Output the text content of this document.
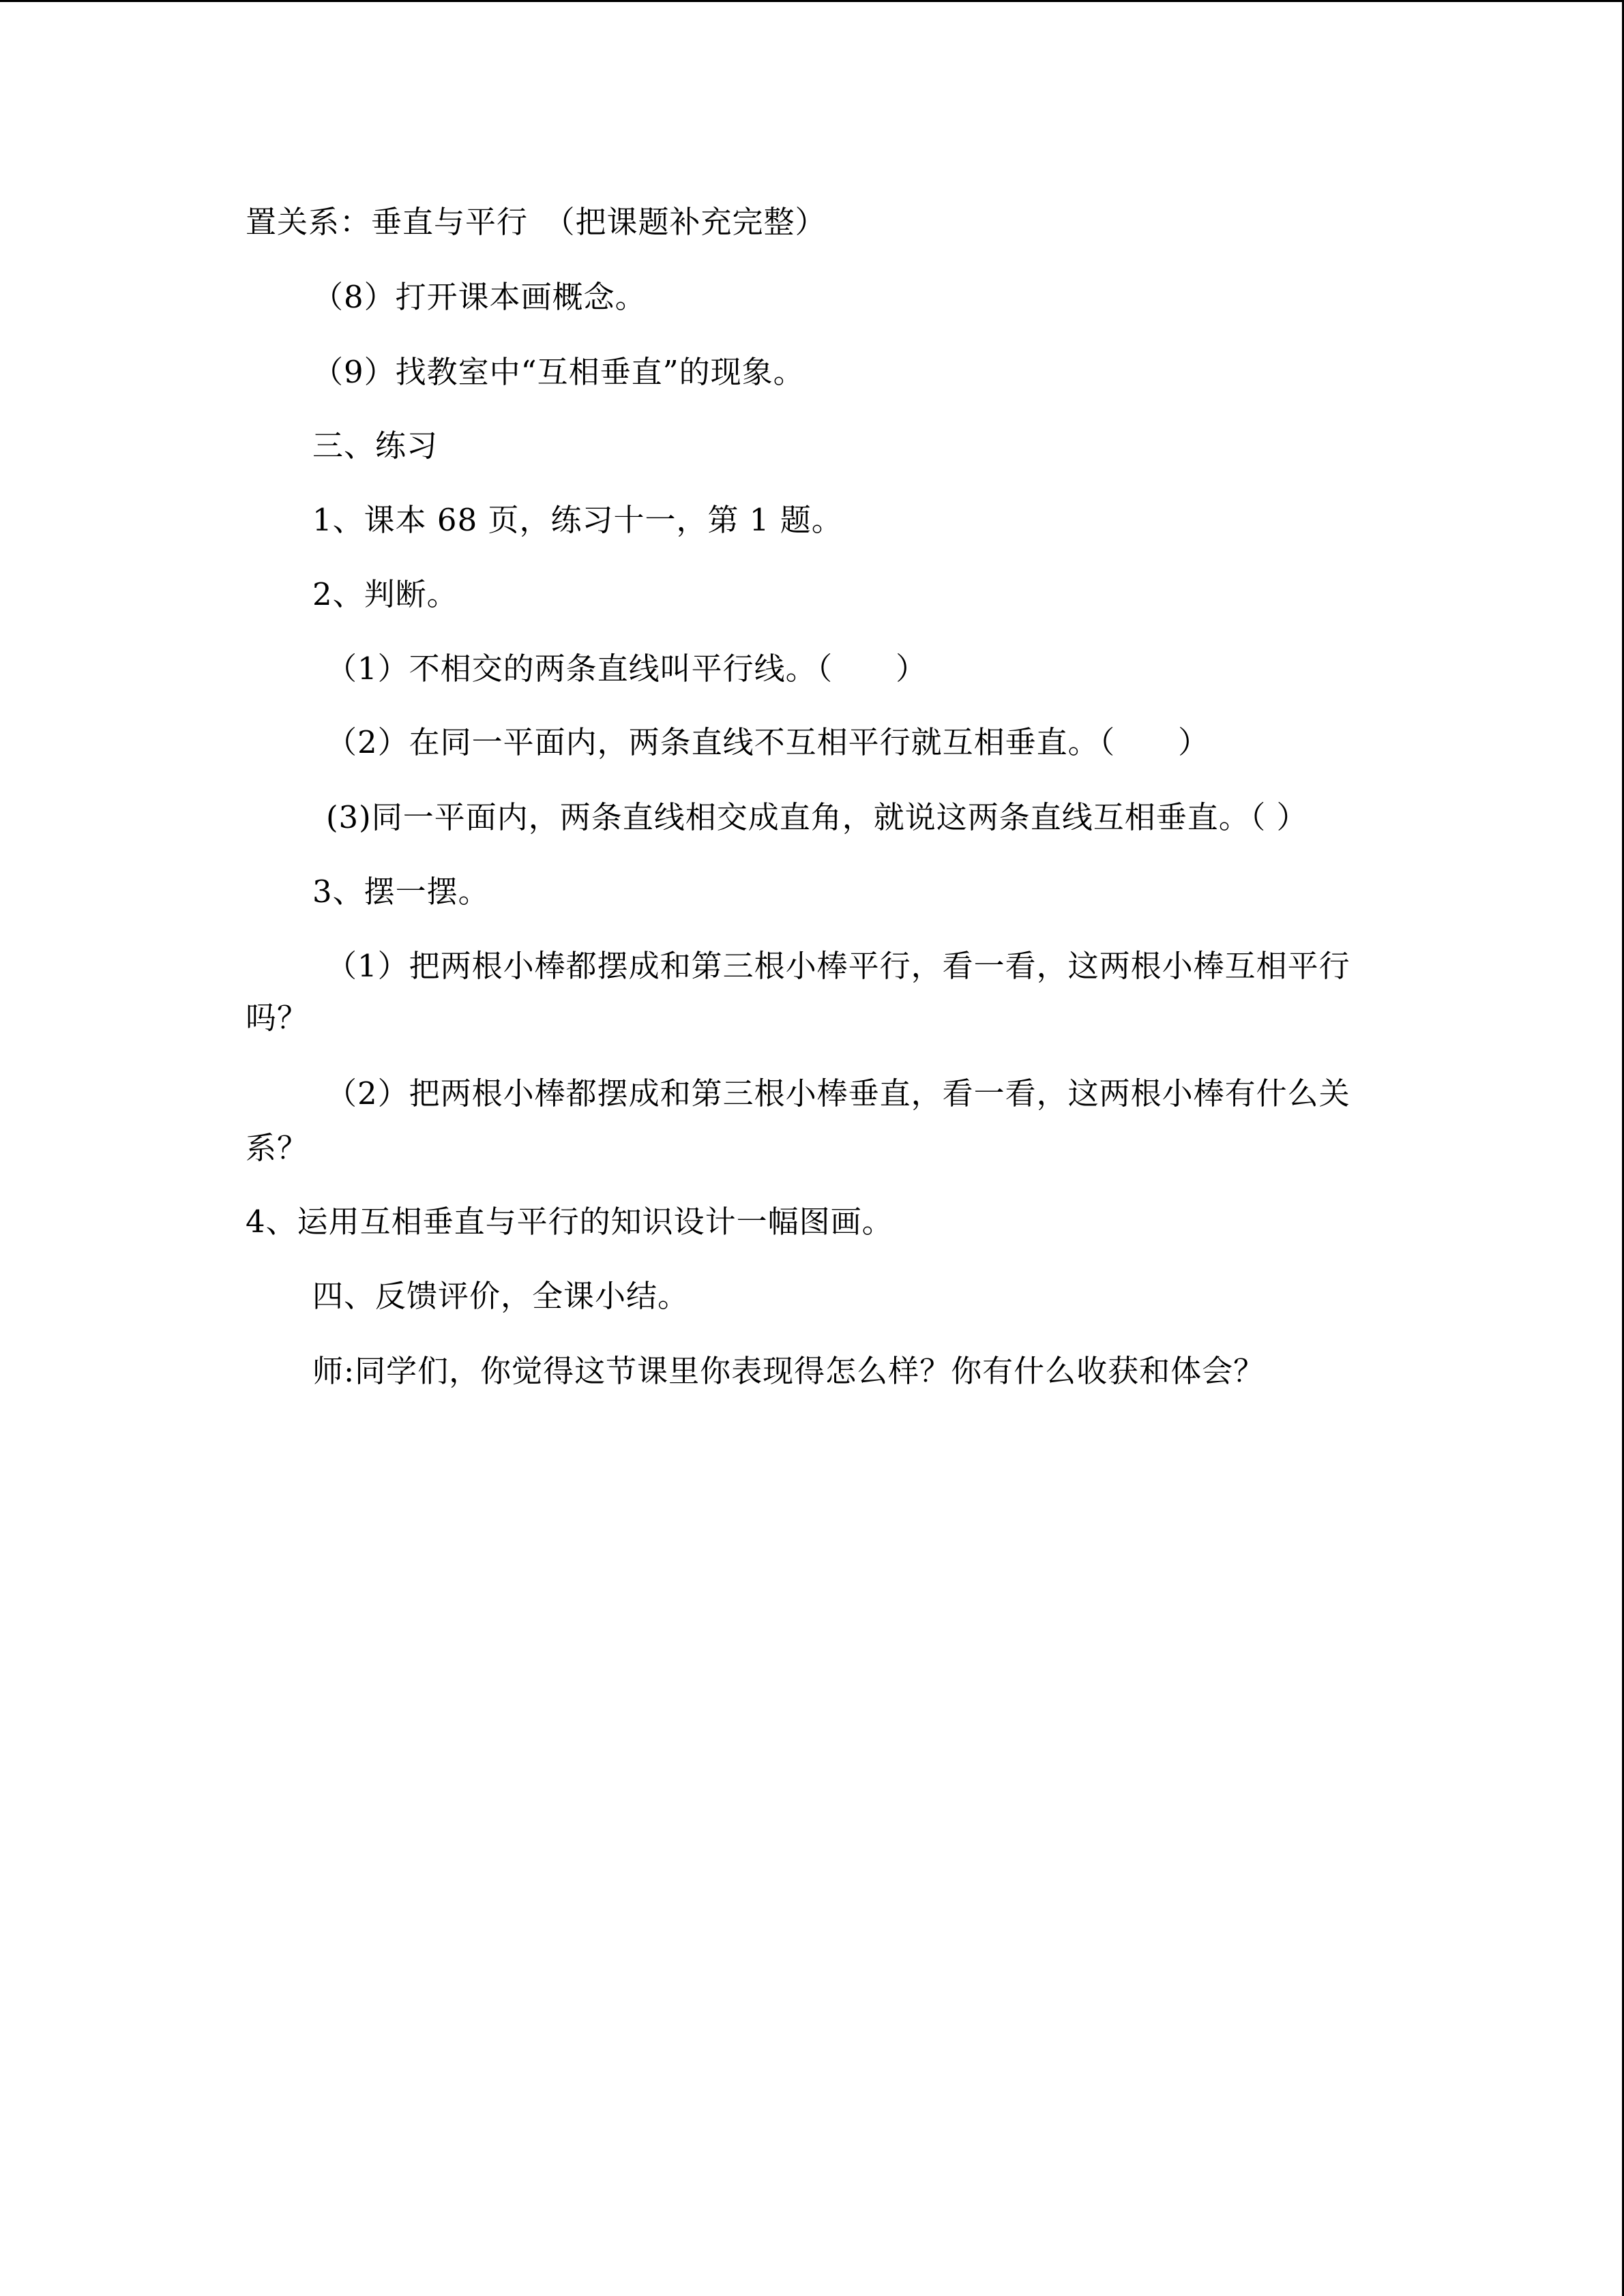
置关系：垂直与平行　（把课题补充完整）

（8）打开课本画概念。

（9）找教室中“互相垂直”的现象。

三、练习

1、课本 68 页，练习十一，第 1 题。

2、判断。

（1）不相交的两条直线叫平行线。（　　）

（2）在同一平面内，两条直线不互相平行就互相垂直。（　　）

(3)同一平面内，两条直线相交成直角，就说这两条直线互相垂直。（ ）

3、摆一摆。

（1）把两根小棒都摆成和第三根小棒平行，看一看，这两根小棒互相平行

吗？

（2）把两根小棒都摆成和第三根小棒垂直，看一看，这两根小棒有什么关

系？

4、运用互相垂直与平行的知识设计一幅图画。

四、反馈评价，全课小结。

师:同学们，你觉得这节课里你表现得怎么样？你有什么收获和体会？
